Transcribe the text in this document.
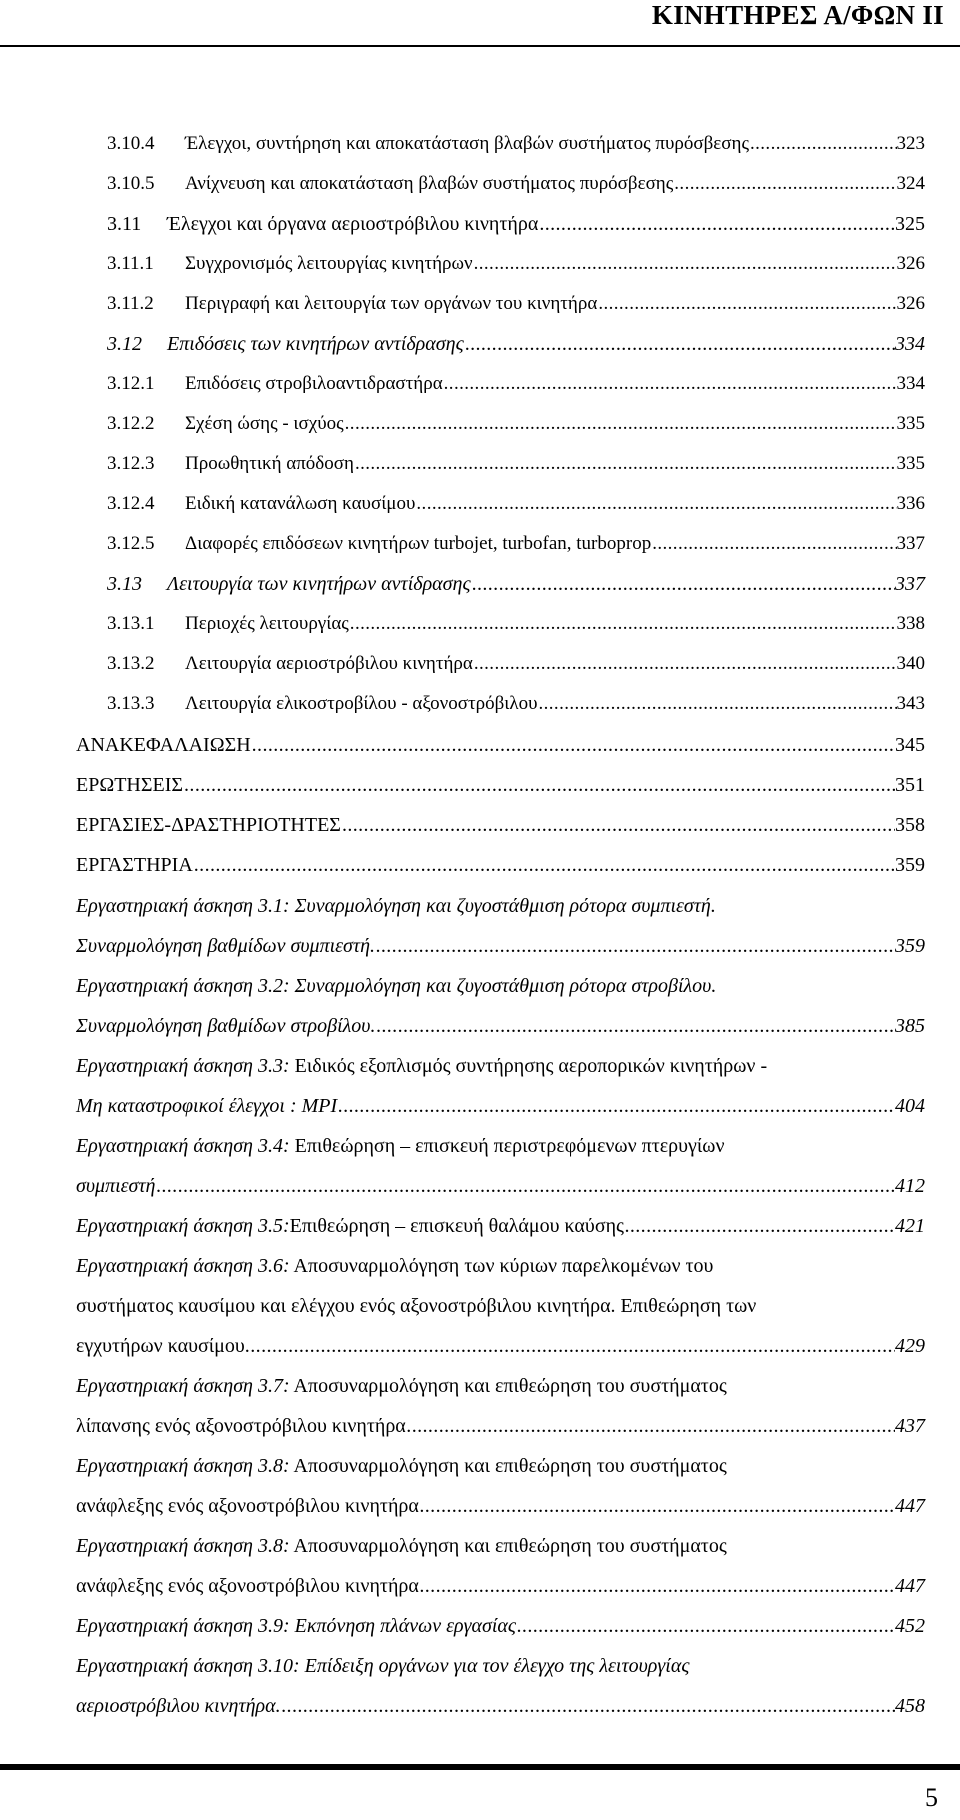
ΚΙΝΗΤΗΡΕΣ Α/ΦΩΝ ΙΙ
3.10.4	Έλεγχοι, συντήρηση και αποκατάσταση βλαβών συστήματος πυρόσβεσης .....	323
3.10.5	Ανίχνευση και αποκατάσταση βλαβών συστήματος πυρόσβεσης .....	324
3.11	Έλεγχοι και όργανα αεριοστρόβιλου κινητήρα .....	325
3.11.1	Συγχρονισμός λειτουργίας κινητήρων .....	326
3.11.2	Περιγραφή και λειτουργία των οργάνων του κινητήρα .....	326
3.12	Επιδόσεις των κινητήρων αντίδρασης .....	334
3.12.1	Επιδόσεις στροβιλοαντιδραστήρα .....	334
3.12.2	Σχέση ώσης - ισχύος .....	335
3.12.3	Προωθητική απόδοση .....	335
3.12.4	Ειδική κατανάλωση καυσίμου .....	336
3.12.5	Διαφορές επιδόσεων κινητήρων turbojet, turbofan, turboprop .....	337
3.13	Λειτουργία των κινητήρων αντίδρασης .....	337
3.13.1	Περιοχές λειτουργίας .....	338
3.13.2	Λειτουργία αεριοστρόβιλου κινητήρα .....	340
3.13.3	Λειτουργία ελικοστροβίλου - αξονοστρόβιλου .....	343
ΑΝΑΚΕΦΑΛΑΙΩΣΗ .....	345
ΕΡΩΤΗΣΕΙΣ .....	351
ΕΡΓΑΣΙΕΣ-ΔΡΑΣΤΗΡΙΟΤΗΤΕΣ .....	358
ΕΡΓΑΣΤΗΡΙΑ .....	359
Εργαστηριακή άσκηση 3.1: Συναρμολόγηση και ζυγοστάθμιση ρότορα συμπιεστή.
Συναρμολόγηση βαθμίδων συμπιεστή. .....	359
Εργαστηριακή άσκηση 3.2: Συναρμολόγηση και ζυγοστάθμιση ρότορα στροβίλου.
Συναρμολόγηση βαθμίδων στροβίλου. .....	385
Εργαστηριακή άσκηση 3.3: Ειδικός εξοπλισμός συντήρησης αεροπορικών κινητήρων -
Μη καταστροφικοί έλεγχοι : MPI .....	404
Εργαστηριακή άσκηση 3.4: Επιθεώρηση – επισκευή περιστρεφόμενων πτερυγίων
συμπιεστή .....	412
Εργαστηριακή άσκηση 3.5: Επιθεώρηση – επισκευή θαλάμου καύσης .....	421
Εργαστηριακή άσκηση 3.6: Αποσυναρμολόγηση των κύριων παρελκομένων του
συστήματος καυσίμου και ελέγχου ενός αξονοστρόβιλου κινητήρα. Επιθεώρηση των
εγχυτήρων καυσίμου. .....	429
Εργαστηριακή άσκηση 3.7: Αποσυναρμολόγηση και επιθεώρηση του συστήματος
λίπανσης ενός αξονοστρόβιλου κινητήρα .....	437
Εργαστηριακή άσκηση 3.8: Αποσυναρμολόγηση και επιθεώρηση του συστήματος
ανάφλεξης ενός αξονοστρόβιλου κινητήρα .....	447
Εργαστηριακή άσκηση 3.8: Αποσυναρμολόγηση και επιθεώρηση του συστήματος
ανάφλεξης ενός αξονοστρόβιλου κινητήρα .....	447
Εργαστηριακή άσκηση 3.9: Εκπόνηση πλάνων εργασίας .....	452
Εργαστηριακή άσκηση 3.10: Επίδειξη οργάνων για τον έλεγχο της λειτουργίας
αεριοστρόβιλου κινητήρα. .....	458
5
